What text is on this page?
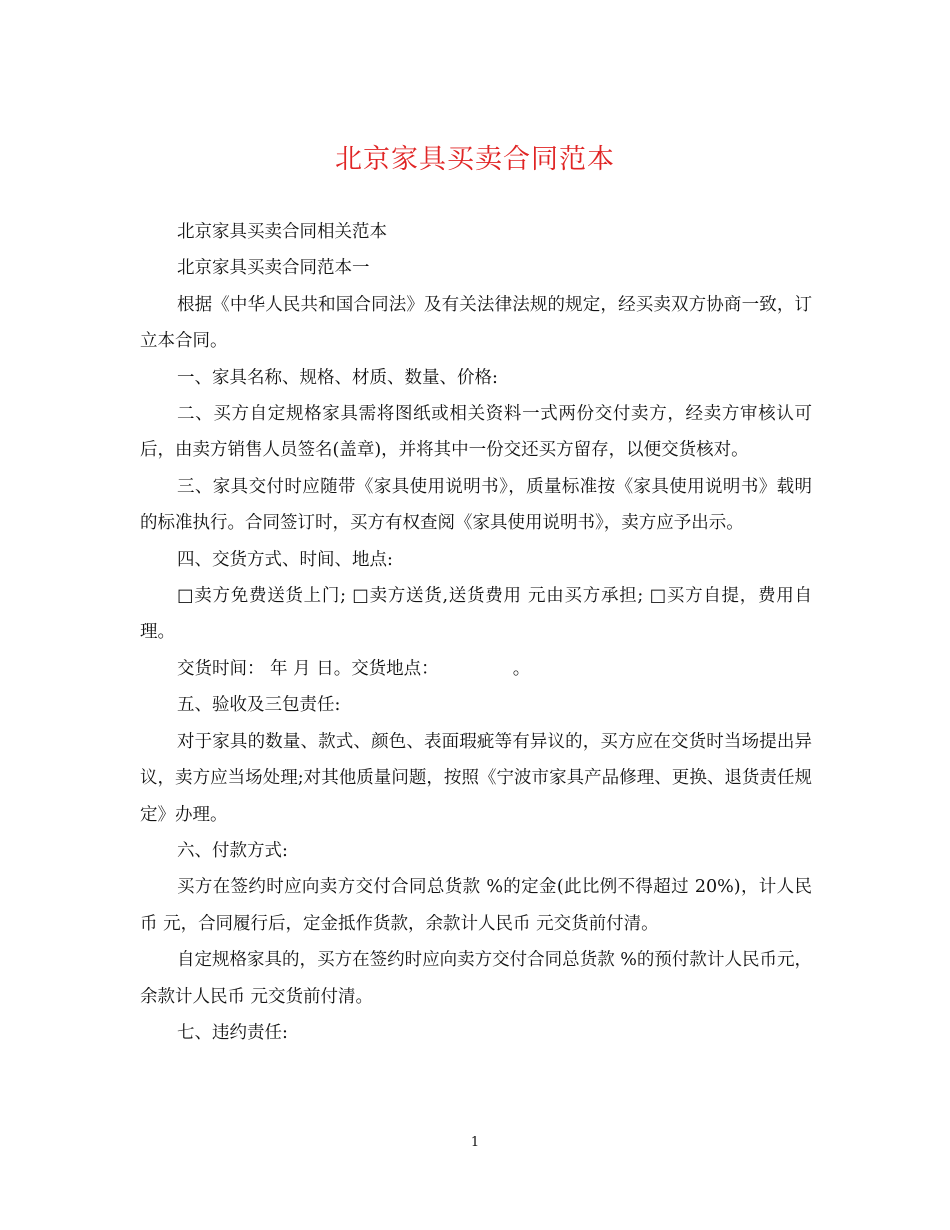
北京家具买卖合同范本

北京家具买卖合同相关范本

北京家具买卖合同范本一

根据《中华人民共和国合同法》及有关法律法规的规定，经买卖双方协商一致，订立本合同。

一、家具名称、规格、材质、数量、价格:

二、买方自定规格家具需将图纸或相关资料一式两份交付卖方，经卖方审核认可后，由卖方销售人员签名(盖章)，并将其中一份交还买方留存，以便交货核对。

三、家具交付时应随带《家具使用说明书》，质量标准按《家具使用说明书》载明的标准执行。合同签订时，买方有权查阅《家具使用说明书》，卖方应予出示。

四、交货方式、时间、地点:

□卖方免费送货上门; □卖方送货,送货费用 元由买方承担; □买方自提，费用自理。

交货时间： 年 月 日。交货地点：	。

五、验收及三包责任:

对于家具的数量、款式、颜色、表面瑕疵等有异议的，买方应在交货时当场提出异议，卖方应当场处理;对其他质量问题，按照《宁波市家具产品修理、更换、退货责任规定》办理。

六、付款方式:

买方在签约时应向卖方交付合同总货款 %的定金(此比例不得超过 20%)，计人民币 元，合同履行后，定金抵作货款，余款计人民币 元交货前付清。

自定规格家具的，买方在签约时应向卖方交付合同总货款 %的预付款计人民币元，余款计人民币 元交货前付清。

七、违约责任:

1
